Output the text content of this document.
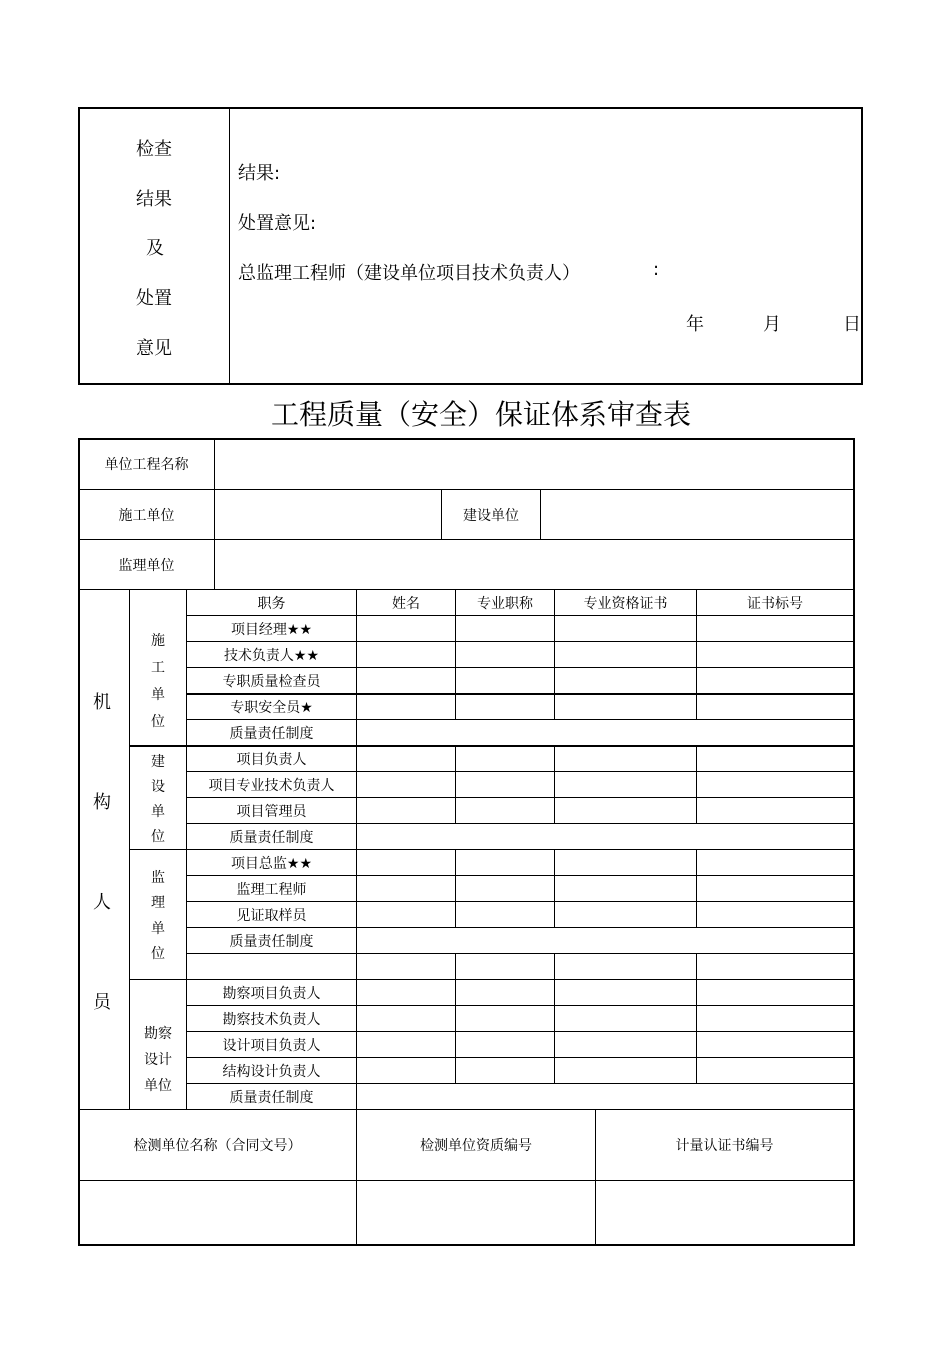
检查
结果
及
处置
意见
结果:
处置意见:
总监理工程师（建设单位项目技术负责人）	:
年	月	日
工程质量（安全）保证体系审查表
单位工程名称
施工单位	建设单位
监理单位
机
构
人
员
职务	姓名	专业职称	专业资格证书	证书标号
施
工
单
位
项目经理★★
技术负责人★★
专职质量检查员
专职安全员★
质量责任制度
建
设
单
位
项目负责人
项目专业技术负责人
项目管理员
质量责任制度
监
理
单
位
项目总监★★
监理工程师
见证取样员
质量责任制度
勘察
设计
单位
勘察项目负责人
勘察技术负责人
设计项目负责人
结构设计负责人
质量责任制度
检测单位名称（合同文号）	检测单位资质编号	计量认证书编号
